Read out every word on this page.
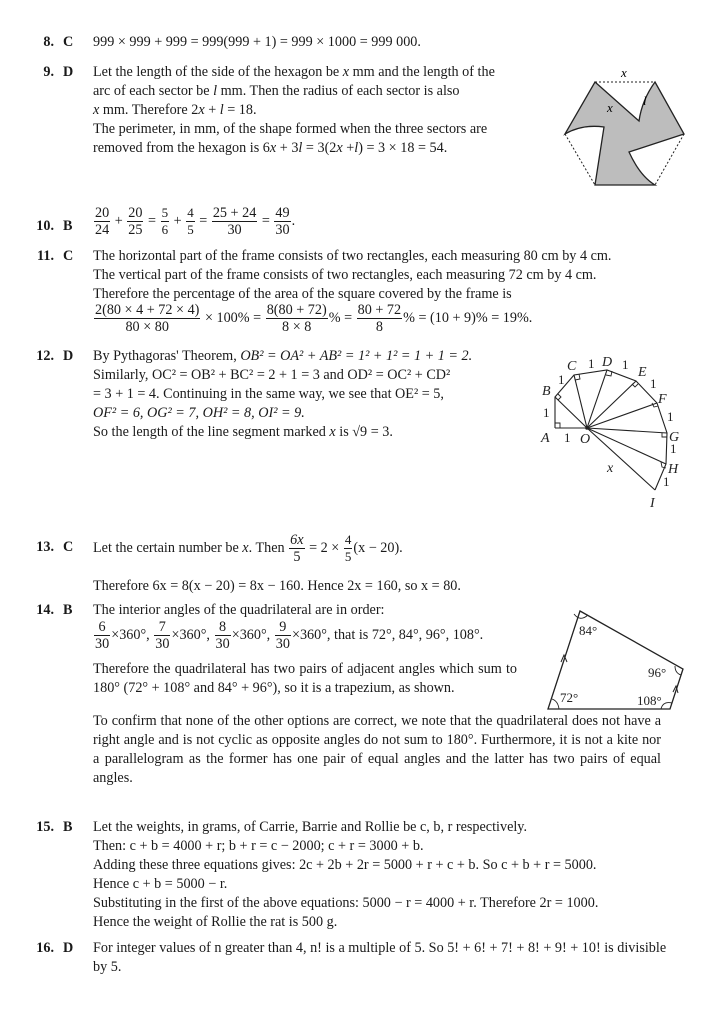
8. C 999 × 999 + 999 = 999(999 + 1) = 999 × 1000 = 999 000.
9. D Let the length of the side of the hexagon be x mm and the length of the
arc of each sector be l mm. Then the radius of each sector is also
x mm. Therefore 2x + l = 18.
The perimeter, in mm, of the shape formed when the three sectors are
removed from the hexagon is 6x + 3l = 3(2x +l) = 3 × 18 = 54.
x
x l
10. B $\frac{20}{24} + \frac{20}{25} = \frac{5}{6} + \frac{4}{5} = \frac{25 + 24}{30} = \frac{49}{30}$ .
11. C The horizontal part of the frame consists of two rectangles, each measuring 80 cm by 4 cm.
The vertical part of the frame consists of two rectangles, each measuring 72 cm by 4 cm.
Therefore the percentage of the area of the square covered by the frame is
$\frac{2(80 \times 4 + 72 \times 4)}{80 \times 80} \times 100\% = \frac{8(80 + 72)}{8 \times 8}$ % = $\frac{80 + 72}{8}$ % = (10 + 9)% = 19%.
12. D By Pythagoras' Theorem, OB² = OA² + AB² = 1² + 1² = 1 + 1 = 2.
Similarly, OC² = OB² + BC² = 2 + 1 = 3 and OD² = OC² + CD²
= 3 + 1 = 4. Continuing in the same way, we see that OE² = 5,
OF² = 6, OG² = 7, OH² = 8, OI² = 9.
So the length of the line segment marked x is √9 = 3.	A
B
C D
E
F
G
H
I
O
x
1
1
1
1 1
1
1
1
1
13. C Let the certain number be x. Then $\frac{6x}{5} = 2 \times \frac{4}{5} (x - 20)$.
Therefore 6x = 8(x − 20) = 8x − 160. Hence 2x = 160, so x = 80.
14. B The interior angles of the quadrilateral are in order:
$\frac{6}{30} \times 360^\circ$, $\frac{7}{30} \times 360^\circ$, $\frac{8}{30} \times 360^\circ$, $\frac{9}{30} \times 360^\circ$, that is 72°, 84°, 96°, 108°.
Therefore the quadrilateral has two pairs of adjacent angles which sum to 180° (72° + 108° and 84° + 96°), so it is a trapezium, as shown.
To confirm that none of the other options are correct, we note that the quadrilateral does not have a right angle and is not cyclic as opposite angles do not sum to 180°. Furthermore, it is not a kite nor a parallelogram as the former has one pair of equal angles and the latter has two pairs of equal angles.
84°
96°
72°	108°
15. B Let the weights, in grams, of Carrie, Barrie and Rollie be c, b, r respectively.
Then: c + b = 4000 + r; b + r = c − 2000; c + r = 3000 + b.
Adding these three equations gives: 2c + 2b + 2r = 5000 + r + c + b. So c + b + r = 5000.
Hence c + b = 5000 − r.
Substituting in the first of the above equations: 5000 − r = 4000 + r. Therefore 2r = 1000.
Hence the weight of Rollie the rat is 500 g.
16. D For integer values of n greater than 4, n! is a multiple of 5. So 5! + 6! + 7! + 8! + 9! + 10! is divisible by 5.
